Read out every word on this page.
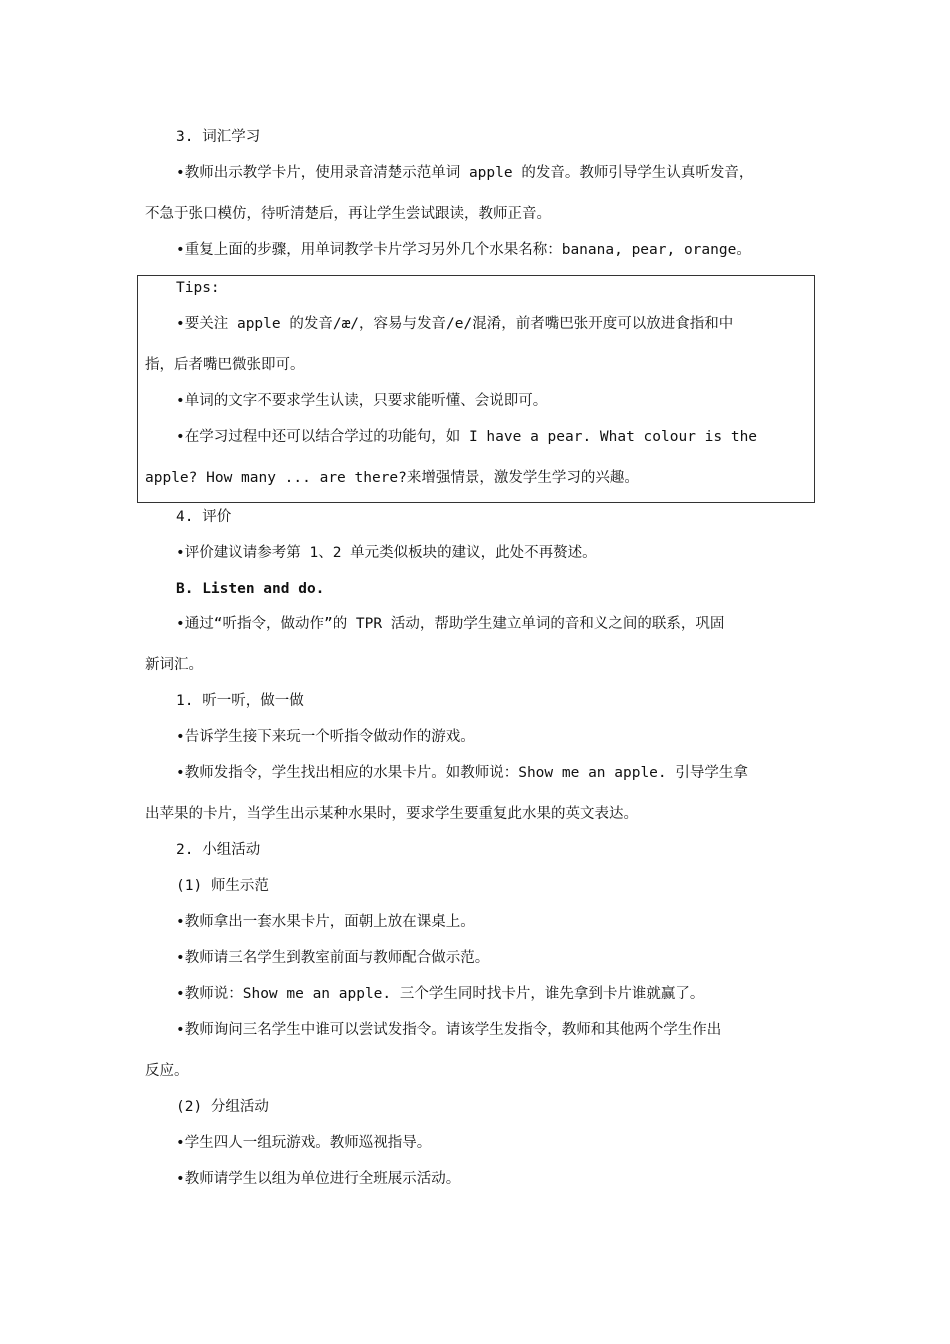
3. 词汇学习
•教师出示教学卡片，使用录音清楚示范单词 apple 的发音。教师引导学生认真听发音，
不急于张口模仿，待听清楚后，再让学生尝试跟读，教师正音。
•重复上面的步骤，用单词教学卡片学习另外几个水果名称：banana, pear, orange。
Tips:
•要关注 apple 的发音/æ/，容易与发音/e/混淆，前者嘴巴张开度可以放进食指和中
指，后者嘴巴微张即可。
•单词的文字不要求学生认读，只要求能听懂、会说即可。
•在学习过程中还可以结合学过的功能句，如 I have a pear. What colour is the
apple? How many ... are there?来增强情景，激发学生学习的兴趣。
4. 评价
•评价建议请参考第 1、2 单元类似板块的建议，此处不再赘述。
B. Listen and do.
•通过“听指令，做动作”的 TPR 活动，帮助学生建立单词的音和义之间的联系，巩固
新词汇。
1. 听一听，做一做
•告诉学生接下来玩一个听指令做动作的游戏。
•教师发指令，学生找出相应的水果卡片。如教师说：Show me an apple. 引导学生拿
出苹果的卡片，当学生出示某种水果时，要求学生要重复此水果的英文表达。
2. 小组活动
(1) 师生示范
•教师拿出一套水果卡片，面朝上放在课桌上。
•教师请三名学生到教室前面与教师配合做示范。
•教师说：Show me an apple. 三个学生同时找卡片，谁先拿到卡片谁就赢了。
•教师询问三名学生中谁可以尝试发指令。请该学生发指令，教师和其他两个学生作出
反应。
(2) 分组活动
•学生四人一组玩游戏。教师巡视指导。
•教师请学生以组为单位进行全班展示活动。
